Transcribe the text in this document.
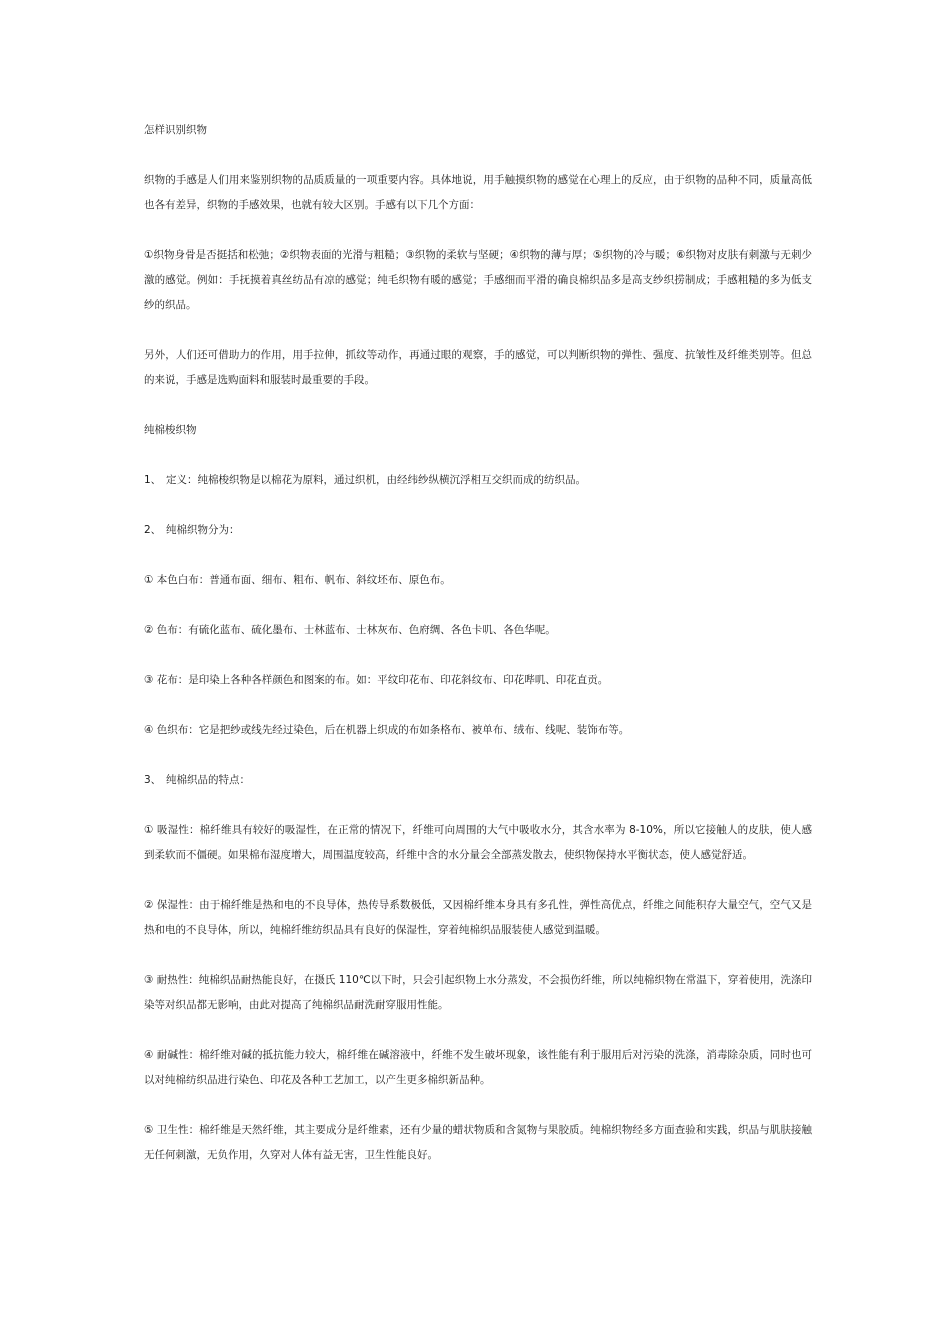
怎样识别织物

织物的手感是人们用来鉴别织物的品质质量的一项重要内容。具体地说，用手触摸织物的感觉在心理上的反应，由于织物的品种不同，质量高低也各有差异，织物的手感效果，也就有较大区别。手感有以下几个方面：

①织物身骨是否挺括和松弛；②织物表面的光滑与粗糙；③织物的柔软与坚硬；④织物的薄与厚；⑤织物的冷与暖；⑥织物对皮肤有刺激与无刺少激的感觉。例如：手抚摸着真丝纺品有凉的感觉；纯毛织物有暖的感觉；手感细而平滑的确良棉织品多是高支纱织捞制成；手感粗糙的多为低支纱的织品。

另外，人们还可借助力的作用，用手拉伸，抓纹等动作，再通过眼的观察，手的感觉，可以判断织物的弹性、强度、抗皱性及纤维类别等。但总的来说，手感是选购面料和服装时最重要的手段。

纯棉梭织物

1、 定义：纯棉梭织物是以棉花为原料，通过织机，由经纬纱纵横沉浮相互交织而成的纺织品。

2、 纯棉织物分为：

① 本色白布：普通布面、细布、粗布、帆布、斜纹坯布、原色布。

② 色布：有硫化蓝布、硫化墨布、士林蓝布、士林灰布、色府绸、各色卡叽、各色华呢。

③ 花布：是印染上各种各样颜色和图案的布。如：平纹印花布、印花斜纹布、印花哔叽、印花直贡。

④ 色织布：它是把纱或线先经过染色，后在机器上织成的布如条格布、被单布、绒布、线呢、装饰布等。

3、 纯棉织品的特点：

① 吸湿性：棉纤维具有较好的吸湿性，在正常的情况下，纤维可向周围的大气中吸收水分，其含水率为 8-10%，所以它接触人的皮肤，使人感到柔软而不僵硬。如果棉布湿度增大，周围温度较高，纤维中含的水分量会全部蒸发散去，使织物保持水平衡状态，使人感觉舒适。

② 保湿性：由于棉纤维是热和电的不良导体，热传导系数极低，又因棉纤维本身具有多孔性，弹性高优点，纤维之间能积存大量空气，空气又是热和电的不良导体，所以，纯棉纤维纺织品具有良好的保湿性，穿着纯棉织品服装使人感觉到温暖。

③ 耐热性：纯棉织品耐热能良好，在摄氏 110℃以下时，只会引起织物上水分蒸发，不会损伤纤维，所以纯棉织物在常温下，穿着使用，洗涤印染等对织品都无影响，由此对提高了纯棉织品耐洗耐穿服用性能。

④ 耐碱性：棉纤维对碱的抵抗能力较大，棉纤维在碱溶液中，纤维不发生破坏现象，该性能有利于服用后对污染的洗涤，消毒除杂质，同时也可以对纯棉纺织品进行染色、印花及各种工艺加工，以产生更多棉织新品种。

⑤ 卫生性：棉纤维是天然纤维，其主要成分是纤维素，还有少量的蜡状物质和含氮物与果胶质。纯棉织物经多方面查验和实践，织品与肌肤接触无任何刺激，无负作用，久穿对人体有益无害，卫生性能良好。
